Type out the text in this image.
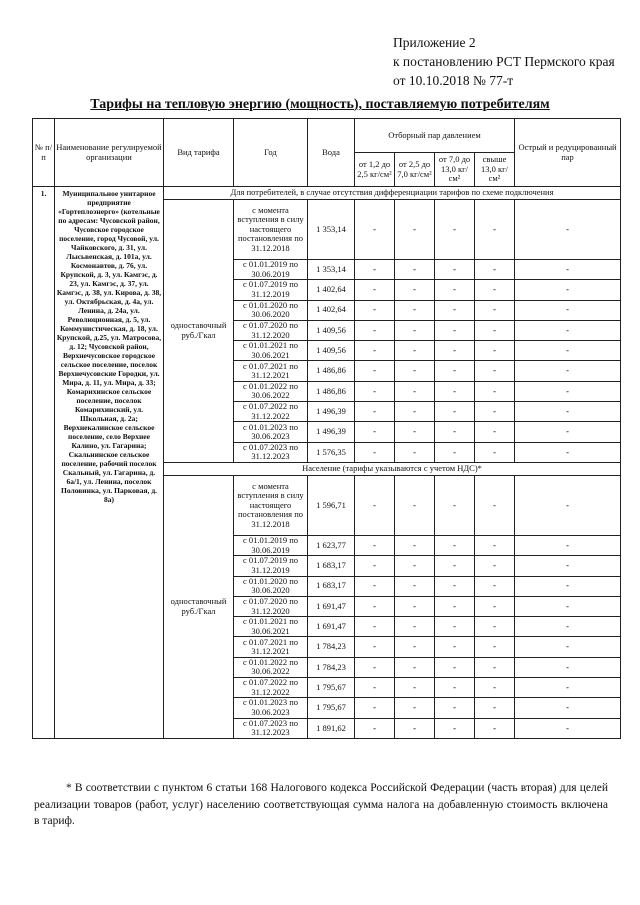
Приложение 2
к постановлению РСТ Пермского края
от 10.10.2018 № 77-т
Тарифы на тепловую энергию (мощность), поставляемую потребителям
№ п/п	Наименование регулируемой организации	Вид тарифа	Год	Вода	Отборный пар давлением				Острый и редуцированный пар
					от 1,2 до 2,5 кг/см²	от 2,5 до 7,0 кг/см²	от 7,0 до 13,0 кг/см²	свыше 13,0 кг/см²	
1.	Муниципальное унитарное предприятие «Гортеплоэнерго» (котельные по адресам: Чусовской район, Чусовское городское поселение, город Чусовой, ул. Чайковского, д. 31, ул. Лысьвенская, д. 101а, ул. Космонавтов, д. 76, ул. Крупской, д. 3, ул. Камгэс, д. 23, ул. Камгэс, д. 37, ул. Камгэс, д. 38, ул. Кирова, д. 38, ул. Октябрьская, д. 4а, ул. Ленина, д. 24а, ул. Революционная, д. 5, ул. Коммунистическая, д. 18, ул. Крупской, д.25, ул. Матросова, д. 12; Чусовской район, Верхнечусовское городское сельское поселение, поселок Верхнечусовские Городки, ул. Мира, д. 11, ул. Мира, д. 33; Комарихинское сельское поселение, поселок Комарихинский, ул. Школьная, д. 2а; Верхнекалинское сельское поселение, село Верхнее Калино, ул. Гагарина; Скальнинское сельское поселение, рабочий поселок Скальный, ул. Гагарина, д. 6а/1, ул. Ленина, поселок Половинка, ул. Парковая, д. 8а)	Для потребителей, в случае отсутствия дифференциации тарифов по схеме подключения							
		одноставочный руб./Гкал	с момента вступления в силу настоящего постановления по 31.12.2018	1 353,14	-	-	-	-	-
			с 01.01.2019 по 30.06.2019	1 353,14	-	-	-	-	-
			с 01.07.2019 по 31.12.2019	1 402,64	-	-	-	-	-
			с 01.01.2020 по 30.06.2020	1 402,64	-	-	-	-	-
			с 01.07.2020 по 31.12.2020	1 409,56	-	-	-	-	-
			с 01.01.2021 по 30.06.2021	1 409,56	-	-	-	-	-
			с 01.07.2021 по 31.12.2021	1 486,86	-	-	-	-	-
			с 01.01.2022 по 30.06.2022	1 486,86	-	-	-	-	-
			с 01.07.2022 по 31.12.2022	1 496,39	-	-	-	-	-
			с 01.01.2023 по 30.06.2023	1 496,39	-	-	-	-	-
			с 01.07.2023 по 31.12.2023	1 576,35	-	-	-	-	-
		Население (тарифы указываются с учетом НДС)*							
		одноставочный руб./Гкал	с момента вступления в силу настоящего постановления по 31.12.2018	1 596,71	-	-	-	-	-
			с 01.01.2019 по 30.06.2019	1 623,77	-	-	-	-	-
			с 01.07.2019 по 31.12.2019	1 683,17	-	-	-	-	-
			с 01.01.2020 по 30.06.2020	1 683,17	-	-	-	-	-
			с 01.07.2020 по 31.12.2020	1 691,47	-	-	-	-	-
			с 01.01.2021 по 30.06.2021	1 691,47	-	-	-	-	-
			с 01.07.2021 по 31.12.2021	1 784,23	-	-	-	-	-
			с 01.01.2022 по 30.06.2022	1 784,23	-	-	-	-	-
			с 01.07.2022 по 31.12.2022	1 795,67	-	-	-	-	-
			с 01.01.2023 по 30.06.2023	1 795,67	-	-	-	-	-
			с 01.07.2023 по 31.12.2023	1 891,62	-	-	-	-	-
* В соответствии с пунктом 6 статьи 168 Налогового кодекса Российской Федерации (часть вторая) для целей реализации товаров (работ, услуг) населению соответствующая сумма налога на добавленную стоимость включена в тариф.
